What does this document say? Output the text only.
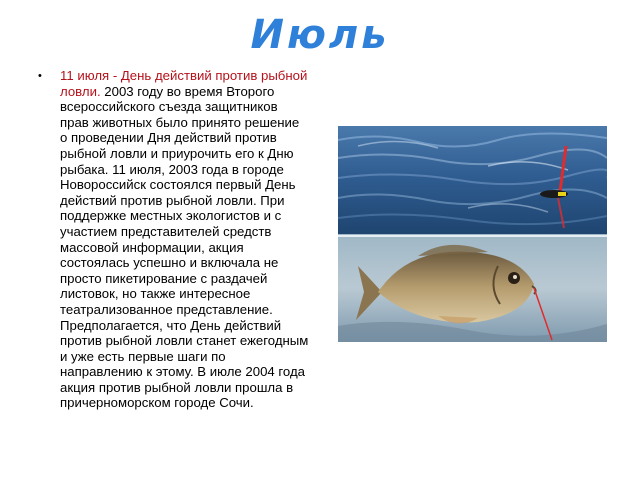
Июль
• 11 июля - День действий против рыбной ловли. 2003 году во время Второго всероссийского съезда защитников прав животных было принято решение о проведении Дня действий против рыбной ловли и приурочить его к Дню рыбака. 11 июля, 2003 года в городе Новороссийск состоялся первый День действий против рыбной ловли. При поддержке местных экологистов и с участием представителей средств массовой информации, акция состоялась успешно и включала не просто пикетирование с раздачей листовок, но также интересное театрализованное представление. Предполагается, что День действий против рыбной ловли станет ежегодным и уже есть первые шаги по направлению к этому. В июле 2004 года акция против рыбной ловли прошла в причерноморском городе Сочи.
